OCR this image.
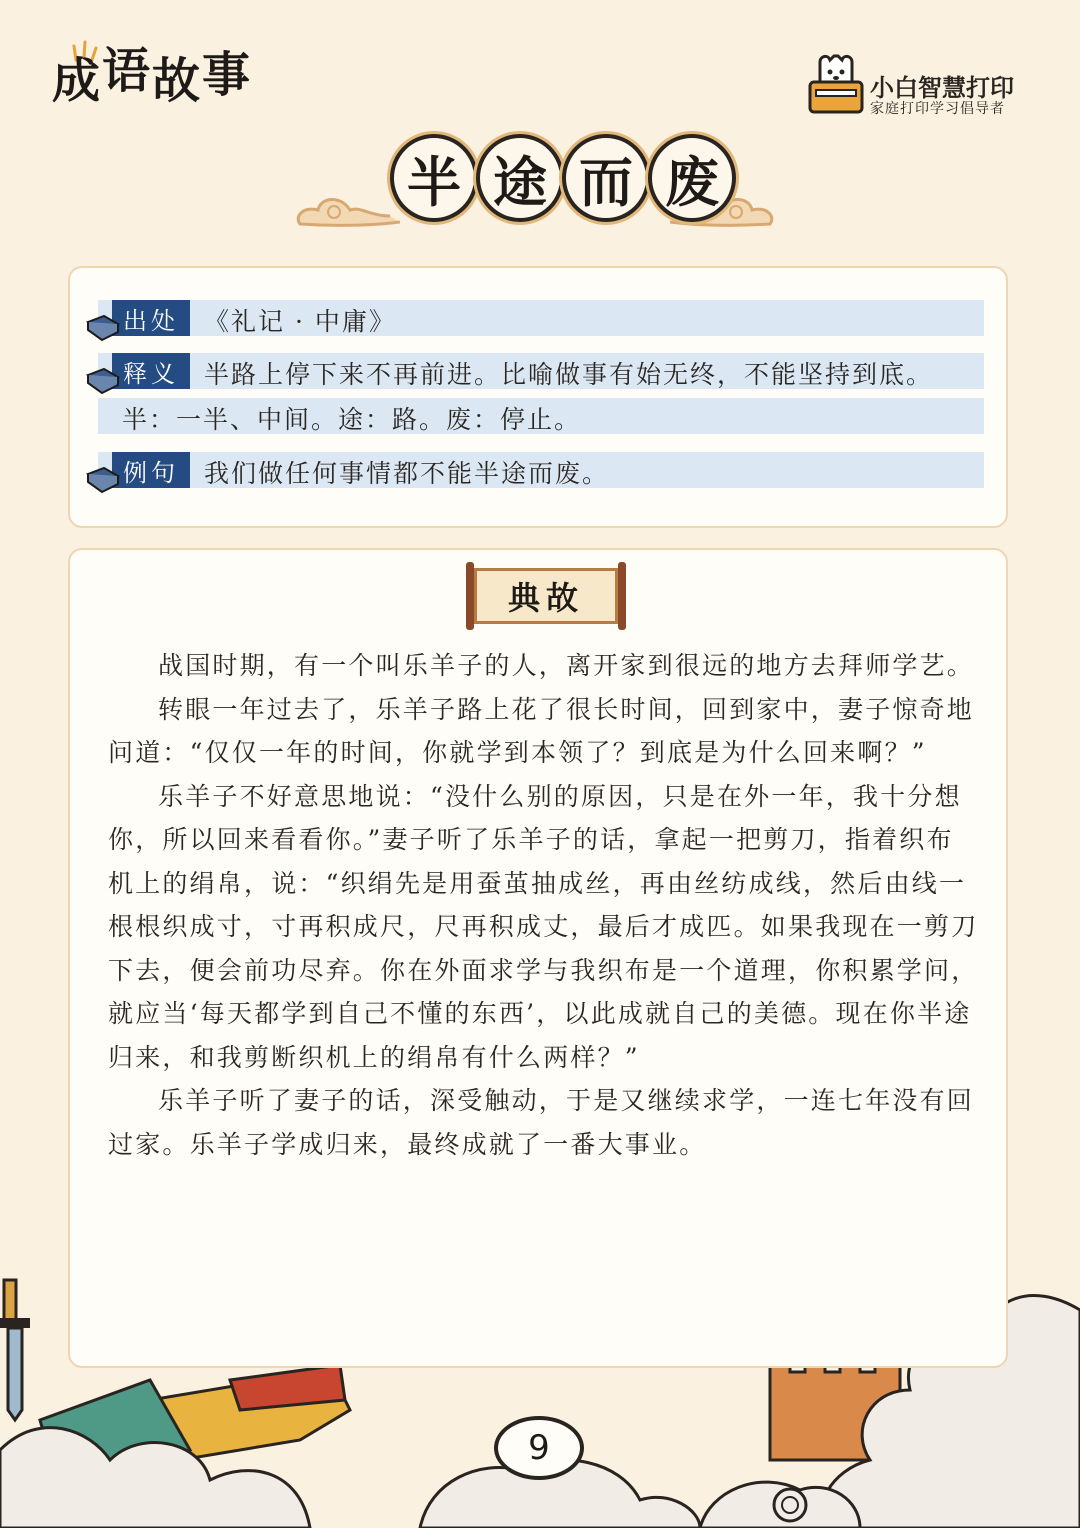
成语故事	小白智慧打印
家庭打印学习倡导者
半 途 而 废
出处	《礼记 · 中庸》
释义	半路上停下来不再前进。比喻做事有始无终，不能坚持到底。
半：一半、中间。途：路。废：停止。
例句	我们做任何事情都不能半途而废。
典故

战国时期，有一个叫乐羊子的人，离开家到很远的地方去拜师学艺。

转眼一年过去了，乐羊子路上花了很长时间，回到家中，妻子惊奇地问道：“仅仅一年的时间，你就学到本领了？到底是为什么回来啊？”

乐羊子不好意思地说：“没什么别的原因，只是在外一年，我十分想你，所以回来看看你。”妻子听了乐羊子的话，拿起一把剪刀，指着织布机上的绢帛，说：“织绢先是用蚕茧抽成丝，再由丝纺成线，然后由线一根根织成寸，寸再积成尺，尺再积成丈，最后才成匹。如果我现在一剪刀下去，便会前功尽弃。你在外面求学与我织布是一个道理，你积累学问，就应当‘每天都学到自己不懂的东西’，以此成就自己的美德。现在你半途归来，和我剪断织机上的绢帛有什么两样？”

乐羊子听了妻子的话，深受触动，于是又继续求学，一连七年没有回过家。乐羊子学成归来，最终成就了一番大事业。

9
